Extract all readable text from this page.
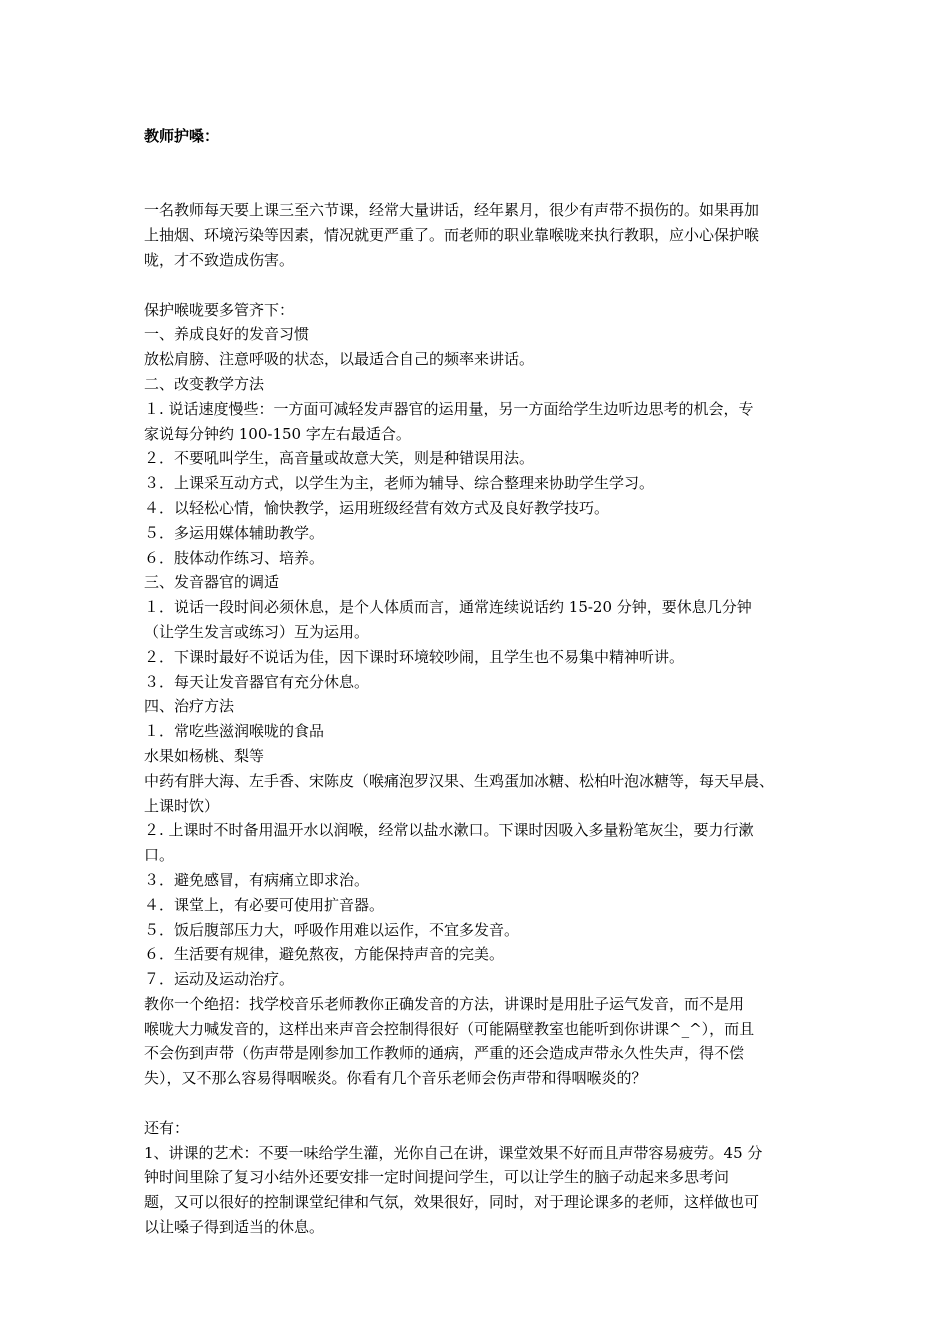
教师护嗓：
一名教师每天要上课三至六节课，经常大量讲话，经年累月，很少有声带不损伤的。如果再加
上抽烟、环境污染等因素，情况就更严重了。而老师的职业靠喉咙来执行教职，应小心保护喉
咙，才不致造成伤害。
保护喉咙要多管齐下：
一、养成良好的发音习惯
放松肩膀、注意呼吸的状态，以最适合自己的频率来讲话。
二、改变教学方法
１. 说话速度慢些：一方面可减轻发声器官的运用量，另一方面给学生边听边思考的机会，专
家说每分钟约 100-150 字左右最适合。
２．不要吼叫学生，高音量或故意大笑，则是种错误用法。
３．上课采互动方式，以学生为主，老师为辅导、综合整理来协助学生学习。
４．以轻松心情，愉快教学，运用班级经营有效方式及良好教学技巧。
５．多运用媒体辅助教学。
６．肢体动作练习、培养。
三、发音器官的调适
１．说话一段时间必须休息，是个人体质而言，通常连续说话约 15-20 分钟，要休息几分钟
（让学生发言或练习）互为运用。
２．下课时最好不说话为佳，因下课时环境较吵闹，且学生也不易集中精神听讲。
３．每天让发音器官有充分休息。
四、治疗方法
１．常吃些滋润喉咙的食品
水果如杨桃、梨等
中药有胖大海、左手香、宋陈皮（喉痛泡罗汉果、生鸡蛋加冰糖、松柏叶泡冰糖等，每天早晨、
上课时饮）
２. 上课时不时备用温开水以润喉，经常以盐水漱口。下课时因吸入多量粉笔灰尘，要力行漱
口。
３．避免感冒，有病痛立即求治。
４．课堂上，有必要可使用扩音器。
５．饭后腹部压力大，呼吸作用难以运作，不宜多发音。
６．生活要有规律，避免熬夜，方能保持声音的完美。
７．运动及运动治疗。
教你一个绝招：找学校音乐老师教你正确发音的方法，讲课时是用肚子运气发音，而不是用
喉咙大力喊发音的，这样出来声音会控制得很好（可能隔壁教室也能听到你讲课^_^），而且
不会伤到声带（伤声带是刚参加工作教师的通病，严重的还会造成声带永久性失声，得不偿
失），又不那么容易得咽喉炎。你看有几个音乐老师会伤声带和得咽喉炎的？
还有：
1、讲课的艺术：不要一味给学生灌，光你自己在讲，课堂效果不好而且声带容易疲劳。45 分
钟时间里除了复习小结外还要安排一定时间提问学生，可以让学生的脑子动起来多思考问
题，又可以很好的控制课堂纪律和气氛，效果很好，同时，对于理论课多的老师，这样做也可
以让嗓子得到适当的休息。
